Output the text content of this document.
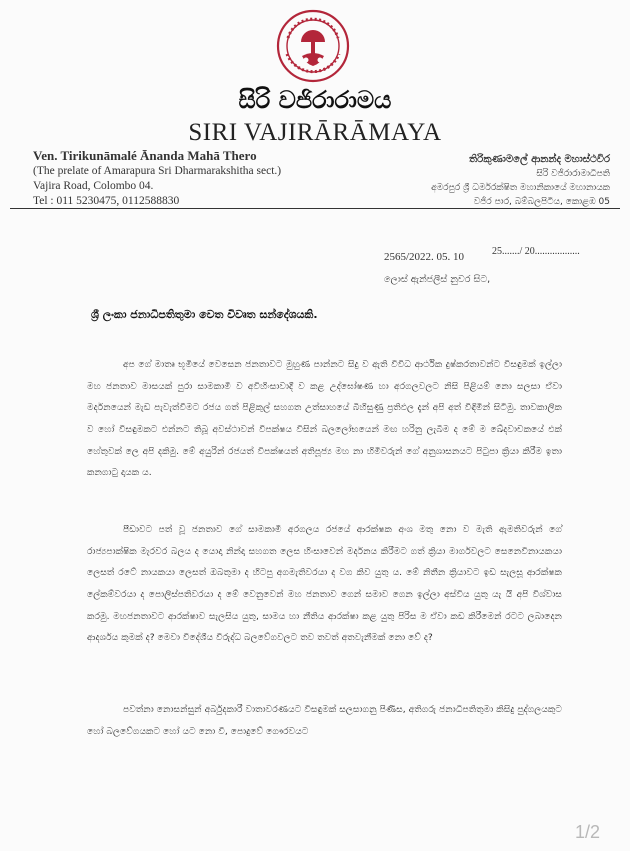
සිරි වජිරාරාමය
SIRI VAJIRĀRĀMAYA
Ven. Tirikunāmalé Ānanda Mahā Thero
(The prelate of Amarapura Sri Dharmarakshitha sect.)
Vajira Road, Colombo 04.
Tel : 011 5230475, 0112588830
තිරිකුණාමලේ ආනන්ද මහාස්ථවිර
සිරි වජිරාරාමාධිපති
අමරපුර ශ්‍රී ධර්මරක්ෂිත මහානිකායේ මහානායක
වජිර පාර, බම්බලපිටිය, කොළඹ 05
25......./ 20..................
2565/2022. 05. 10
ලොස් ඇන්ජලීස් නුවර සිට,
ශ්‍රී ලංකා ජනාධිපතිතුමා වෙත විවෘත සන්දේශයකි.

අප ගේ මාතෘ භූමියේ වෙසෙන ජනතාවට මුහුණ පාන්නට සිදු ව ඇති විවිධ ආර්ථික දුෂ්කරතාවන්ට විසඳුමක් ඉල්ලා මහ ජනතාව මාසයක් පුරා සාමකාමී ව අවිහිංසාවාදී ව කළ උද්ඝෝෂණ හා අරගලවලට නිසි පිළියම් නො සලසා ඒවා මර්දනයෙන් මැඩ පැවැත්වීමට රජය ගත් පිළිකුල් සහගත උත්සාහයේ බිහිසුණු ප්‍රතිඵල දැන් අපි අත් විඳිමින් සිටිමු. තාවකාලික ව හෝ විසඳුමකට එන්නට තිබූ අවස්ථාවන් විපක්ෂය විසින් බලලෝභයෙන් මඟ හරිනු ලැබීම ද මේ ම ඛේදවාචකයේ එක් හේතුවක් ලෙ අපි දකිමු. මේ අයුරින් රජයත් විපක්ෂයත් අතිපූජ්‍ය මහ නා හිමිවරුන් ගේ අනුශාසනයට පිටුපා ක්‍රියා කිරීම ඉතා කනගාටු දායක ය.

පීඩාවට පත් වූ ජනතාව ගේ සාමකාමී අරගලය රජයේ ආරක්ෂක අංශ මතු නො ව මැති ඇමතිවරුන් ගේ රාජ්‍යපාක්ෂික මැරවර බලය ද යොදා නින්දා සහගත ලෙස හිංසාවෙන් මර්දනය කිරීමට ගත් ක්‍රියා මාර්ගවලට සෙනෙවිනායකයා ලෙසත් රටේ නායකයා ලෙසත් ඔබතුමා ද හිටපු අගමැතිවරයා ද වග කිව යුතු ය. මේ නිතීන ක්‍රියාවට ඉඩ සැලසූ ආරක්ෂක ලේකම්වරයා ද පොලිස්පතිවරයා ද මේ වෙනුවෙන් මහ ජනතාව ගෙන් සමාව ගෙන ඉල්ලා අස්විය යුතු යැ යි අපි විශ්වාස කරමු. මහජනතාවට ආරක්ෂාව සැලසිය යුතු, සාමය හා නීතිය ආරක්ෂා කළ යුතු පිරිස ම ඒවා කඩ කිරීමෙන් රටට ලබාදෙන ආදර්ශය කුමක් ද? මෙවා විදේශීය විරුද්ධ බලවේගවලට තව තවත් අතවැනීමක් නො වේ ද?

පවත්නා නොසන්සුන් අර්බුදකාරී වාතාවරණයට විසඳුමක් සලසාගනු පිණිස, අතිගරු ජනාධිපතිතුමා කිසිදු පුද්ගලයකුට හෝ බලවේගයකට හෝ යට නො වී, පොදුවේ ගෞරවයට

1/2
